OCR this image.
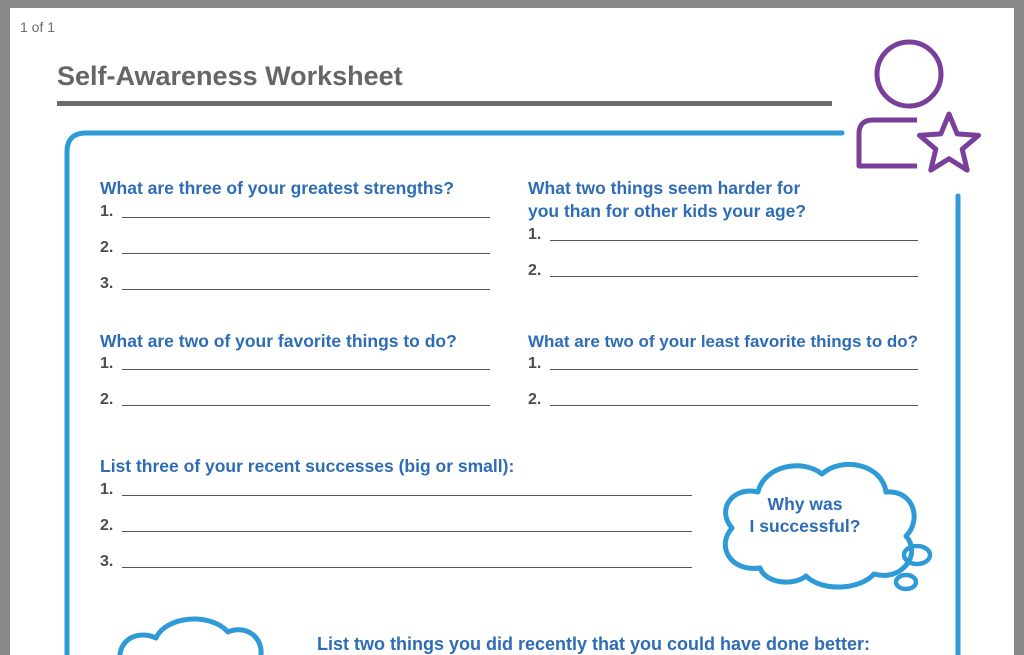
1 of 1
Self-Awareness Worksheet
What are three of your greatest strengths?
1.
2.
3.
What two things seem harder for
you than for other kids your age?
1.
2.
What are two of your favorite things to do?
1.
2.
What are two of your least favorite things to do?
1.
2.
List three of your recent successes (big or small):
1.
2.
3.
Why was
I successful?
List two things you did recently that you could have done better:
